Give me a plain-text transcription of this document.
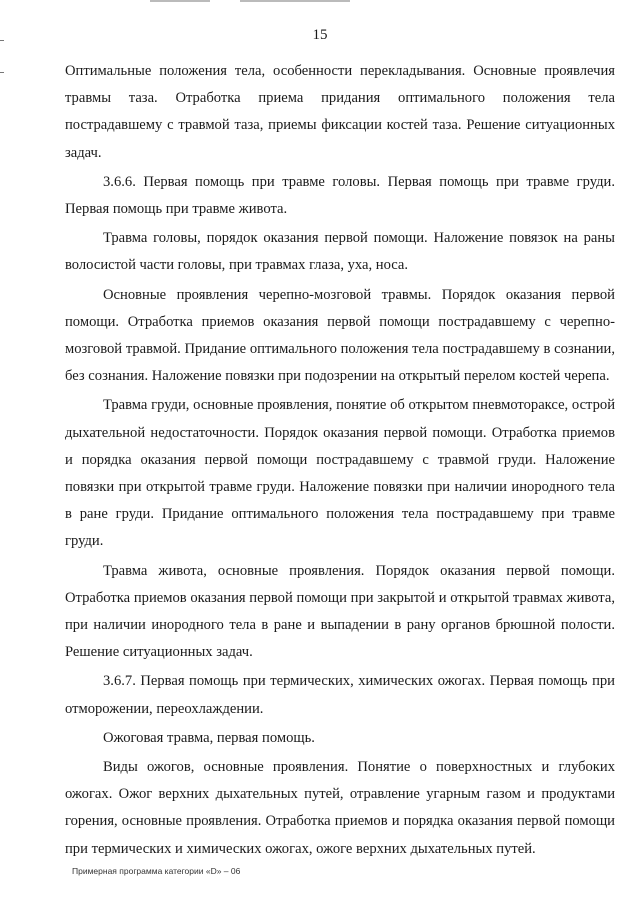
15

Оптимальные положения тела, особенности перекладывания. Основные проявлечия травмы таза. Отработка приема придания оптимального положения тела пострадавшему с травмой таза, приемы фиксации костей таза. Решение ситуационных задач.

3.6.6. Первая помощь при травме головы. Первая помощь при травме груди. Первая помощь при травме живота.

Травма головы, порядок оказания первой помощи. Наложение повязок на раны волосистой части головы, при травмах глаза, уха, носа.

Основные проявления черепно-мозговой травмы. Порядок оказания первой помощи. Отработка приемов оказания первой помощи пострадавшему с черепно-мозговой травмой. Придание оптимального положения тела пострадавшему в сознании, без сознания. Наложение повязки при подозрении на открытый перелом костей черепа.

Травма груди, основные проявления, понятие об открытом пневмотораксе, острой дыхательной недостаточности. Порядок оказания первой помощи. Отработка приемов и порядка оказания первой помощи пострадавшему с травмой груди. Наложение повязки при открытой травме груди. Наложение повязки при наличии инородного тела в ране груди. Придание оптимального положения тела пострадавшему при травме груди.

Травма живота, основные проявления. Порядок оказания первой помощи. Отработка приемов оказания первой помощи при закрытой и открытой травмах живота, при наличии инородного тела в ране и выпадении в рану органов брюшной полости. Решение ситуационных задач.

3.6.7. Первая помощь при термических, химических ожогах. Первая помощь при отморожении, переохлаждении.

Ожоговая травма, первая помощь.

Виды ожогов, основные проявления. Понятие о поверхностных и глубоких ожогах. Ожог верхних дыхательных путей, отравление угарным газом и продуктами горения, основные проявления. Отработка приемов и порядка оказания первой помощи при термических и химических ожогах, ожоге верхних дыхательных путей.

Примерная программа категории «D» – 06
